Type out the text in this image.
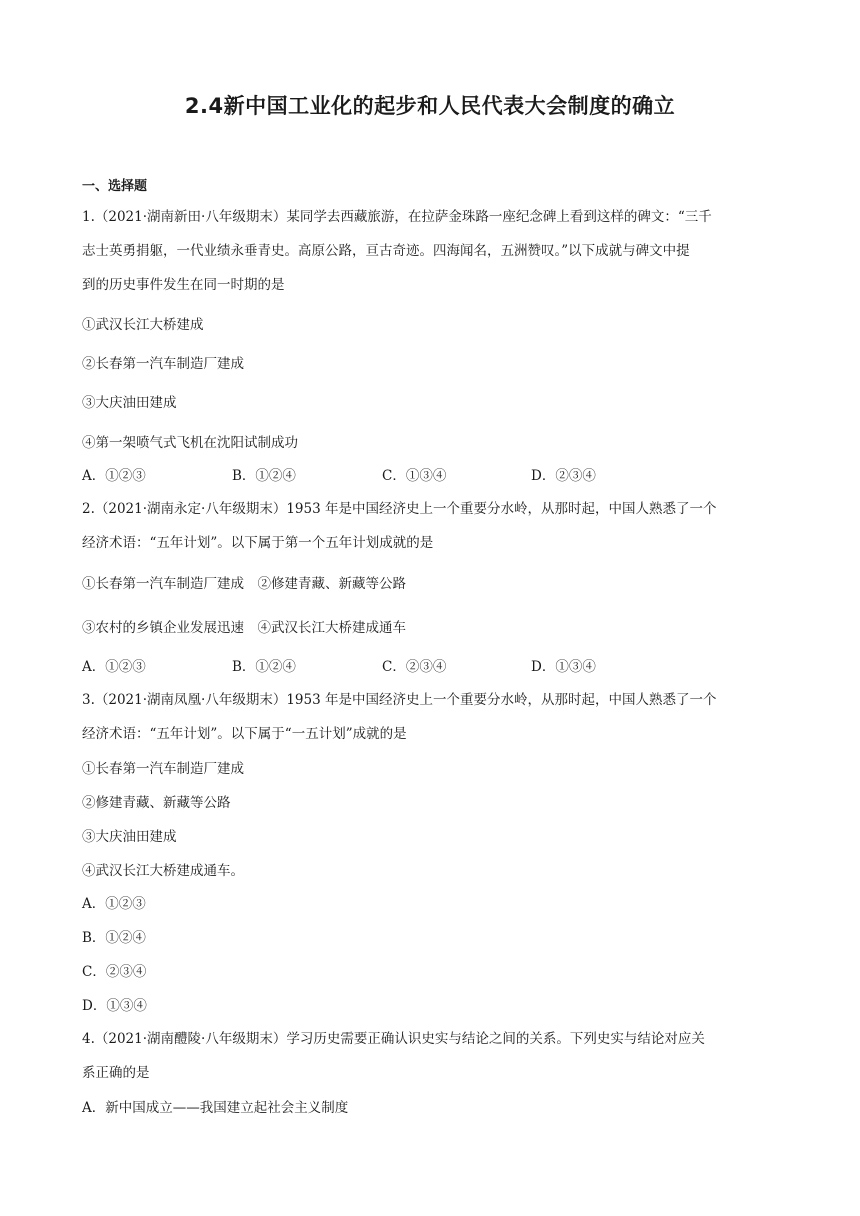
2.4新中国工业化的起步和人民代表大会制度的确立
一、选择题
1.（2021·湖南新田·八年级期末）某同学去西藏旅游，在拉萨金珠路一座纪念碑上看到这样的碑文：“三千
志士英勇捐躯，一代业绩永垂青史。高原公路，亘古奇迹。四海闻名，五洲赞叹。”以下成就与碑文中提
到的历史事件发生在同一时期的是
①武汉长江大桥建成
②长春第一汽车制造厂建成
③大庆油田建成
④第一架喷气式飞机在沈阳试制成功
A．①②③	B．①②④	C．①③④	D．②③④
2.（2021·湖南永定·八年级期末）1953 年是中国经济史上一个重要分水岭，从那时起，中国人熟悉了一个
经济术语：“五年计划”。以下属于第一个五年计划成就的是
①长春第一汽车制造厂建成　②修建青藏、新藏等公路
③农村的乡镇企业发展迅速　④武汉长江大桥建成通车
A．①②③	B．①②④	C．②③④	D．①③④
3.（2021·湖南凤凰·八年级期末）1953 年是中国经济史上一个重要分水岭，从那时起，中国人熟悉了一个
经济术语：“五年计划”。以下属于“一五计划”成就的是
①长春第一汽车制造厂建成
②修建青藏、新藏等公路
③大庆油田建成
④武汉长江大桥建成通车。
A．①②③
B．①②④
C．②③④
D．①③④
4.（2021·湖南醴陵·八年级期末）学习历史需要正确认识史实与结论之间的关系。下列史实与结论对应关
系正确的是
A．新中国成立——我国建立起社会主义制度
